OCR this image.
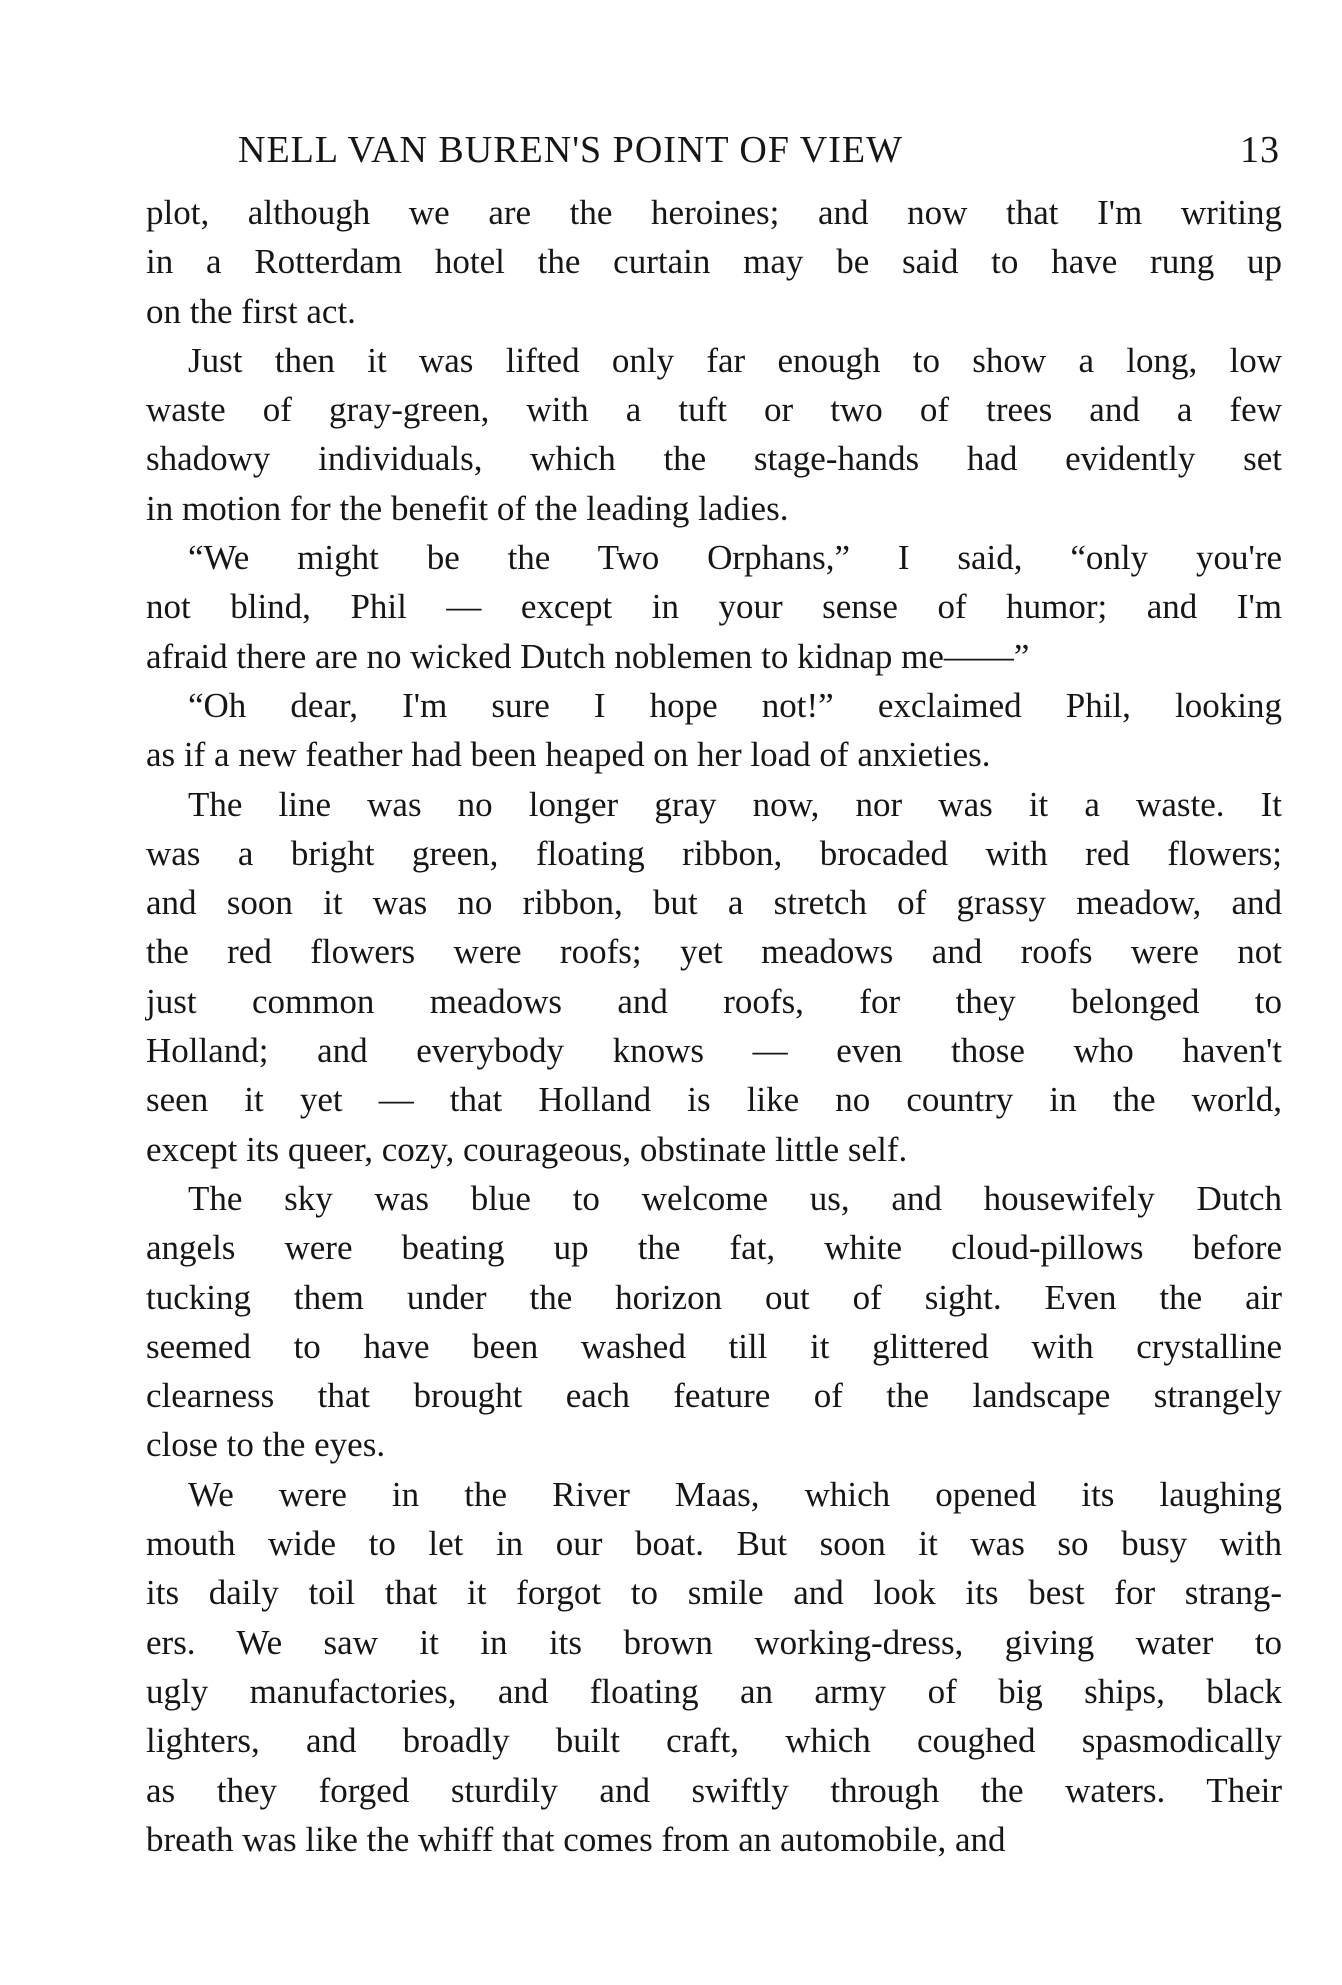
NELL VAN BUREN'S POINT OF VIEW	13
plot, although we are the heroines; and now that I'm writing
in a Rotterdam hotel the curtain may be said to have rung up
on the first act.
Just then it was lifted only far enough to show a long, low
waste of gray-green, with a tuft or two of trees and a few
shadowy individuals, which the stage-hands had evidently set
in motion for the benefit of the leading ladies.
“We might be the Two Orphans,” I said, “only you're
not blind, Phil — except in your sense of humor; and I'm
afraid there are no wicked Dutch noblemen to kidnap me——”
“Oh dear, I'm sure I hope not!” exclaimed Phil, looking
as if a new feather had been heaped on her load of anxieties.
The line was no longer gray now, nor was it a waste. It
was a bright green, floating ribbon, brocaded with red flowers;
and soon it was no ribbon, but a stretch of grassy meadow, and
the red flowers were roofs; yet meadows and roofs were not
just common meadows and roofs, for they belonged to
Holland; and everybody knows — even those who haven't
seen it yet — that Holland is like no country in the world,
except its queer, cozy, courageous, obstinate little self.
The sky was blue to welcome us, and housewifely Dutch
angels were beating up the fat, white cloud-pillows before
tucking them under the horizon out of sight. Even the air
seemed to have been washed till it glittered with crystalline
clearness that brought each feature of the landscape strangely
close to the eyes.
We were in the River Maas, which opened its laughing
mouth wide to let in our boat. But soon it was so busy with
its daily toil that it forgot to smile and look its best for strang-
ers. We saw it in its brown working-dress, giving water to
ugly manufactories, and floating an army of big ships, black
lighters, and broadly built craft, which coughed spasmodically
as they forged sturdily and swiftly through the waters. Their
breath was like the whiff that comes from an automobile, and
